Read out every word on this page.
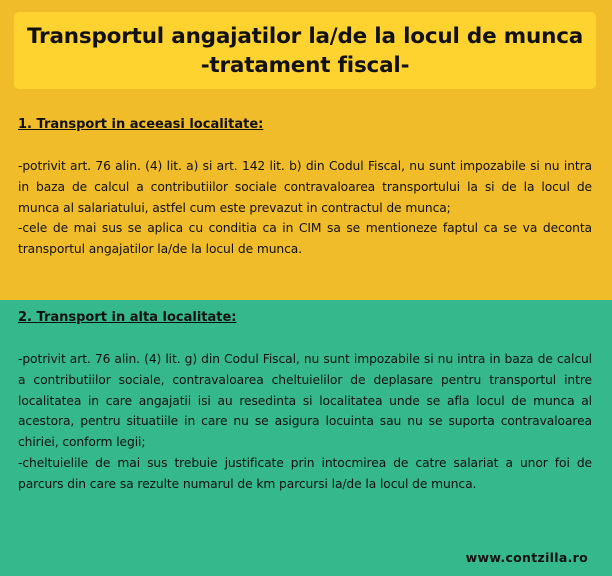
Transportul angajatilor la/de la locul de munca
-tratament fiscal-

1. Transport in aceeasi localitate:

-potrivit art. 76 alin. (4) lit. a) si art. 142 lit. b) din Codul Fiscal, nu sunt impozabile si nu intra in baza de calcul a contributiilor sociale contravaloarea transportului la si de la locul de munca al salariatului, astfel cum este prevazut in contractul de munca;

-cele de mai sus se aplica cu conditia ca in CIM sa se mentioneze faptul ca se va deconta transportul angajatilor la/de la locul de munca.

2. Transport in alta localitate:

-potrivit art. 76 alin. (4) lit. g) din Codul Fiscal, nu sunt impozabile si nu intra in baza de calcul a contributiilor sociale, contravaloarea cheltuielilor de deplasare pentru transportul intre localitatea in care angajatii isi au resedinta si localitatea unde se afla locul de munca al acestora, pentru situatiile in care nu se asigura locuinta sau nu se suporta contravaloarea chiriei, conform legii;

-cheltuielile de mai sus trebuie justificate prin intocmirea de catre salariat a unor foi de parcurs din care sa rezulte numarul de km parcursi la/de la locul de munca.

www.contzilla.ro
